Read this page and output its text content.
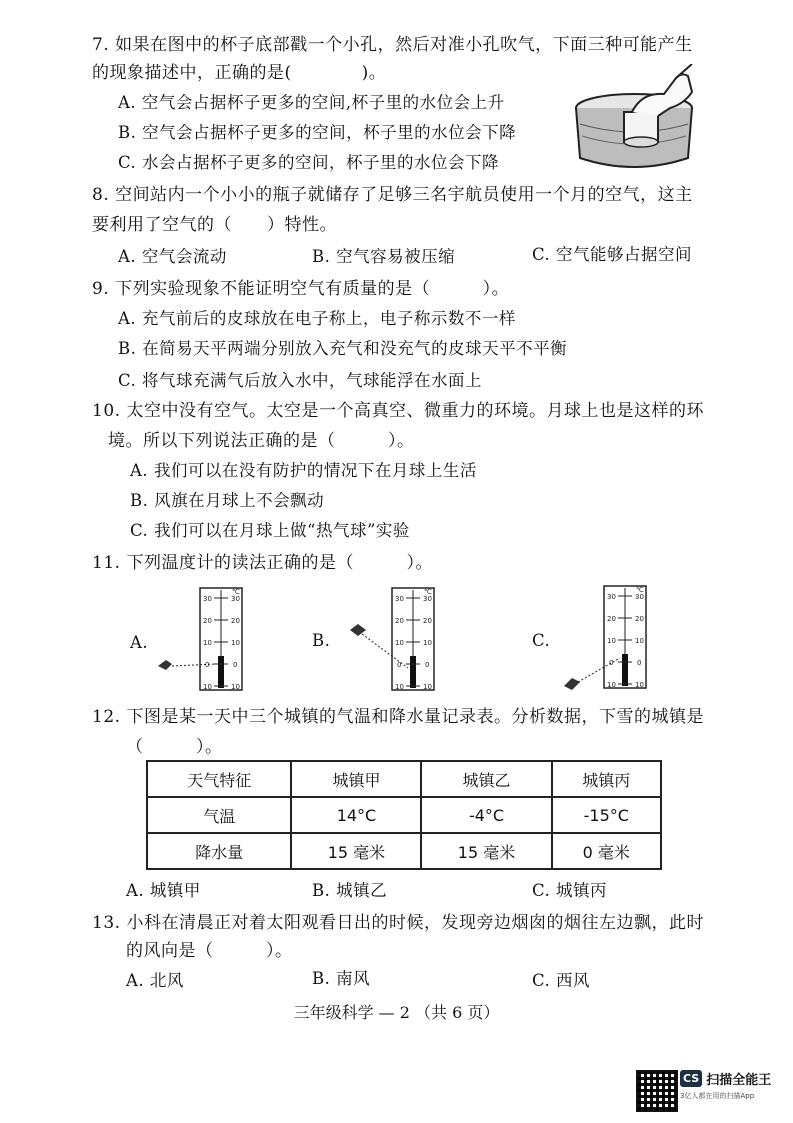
7. 如果在图中的杯子底部戳一个小孔，然后对准小孔吹气，下面三种可能产生
的现象描述中，正确的是(　　　　)。
A. 空气会占据杯子更多的空间,杯子里的水位会上升
B. 空气会占据杯子更多的空间，杯子里的水位会下降
C. 水会占据杯子更多的空间，杯子里的水位会下降
8. 空间站内一个小小的瓶子就储存了足够三名宇航员使用一个月的空气，这主
要利用了空气的（　　）特性。
A. 空气会流动	B. 空气容易被压缩	C. 空气能够占据空间
9. 下列实验现象不能证明空气有质量的是（　　　）。
A. 充气前后的皮球放在电子称上，电子称示数不一样
B. 在简易天平两端分别放入充气和没充气的皮球天平不平衡
C. 将气球充满气后放入水中，气球能浮在水面上
10. 太空中没有空气。太空是一个高真空、微重力的环境。月球上也是这样的环
境。所以下列说法正确的是（　　　）。
A. 我们可以在没有防护的情况下在月球上生活
B. 风旗在月球上不会飘动
C. 我们可以在月球上做“热气球”实验
11. 下列温度计的读法正确的是（　　　）。
A.	B.	C.
30	30
20	20
10	10
0	0
10	10
℃
30	30
20	20
10	10
0	0
10	10
℃
30	30
20	20
10	10
0	0
10	10
℃
12. 下图是某一天中三个城镇的气温和降水量记录表。分析数据，下雪的城镇是
（　　　）。
天气特征	城镇甲	城镇乙	城镇丙
气温	14°C	-4°C	-15°C
降水量	15 毫米	15 毫米	0 毫米
A. 城镇甲	B. 城镇乙	C. 城镇丙
13. 小科在清晨正对着太阳观看日出的时候，发现旁边烟囱的烟往左边飘，此时
的风向是（　　　）。
A. 北风	B. 南风	C. 西风
三年级科学 — 2 （共 6 页）
CS 扫描全能王
3亿人都在用的扫描App
